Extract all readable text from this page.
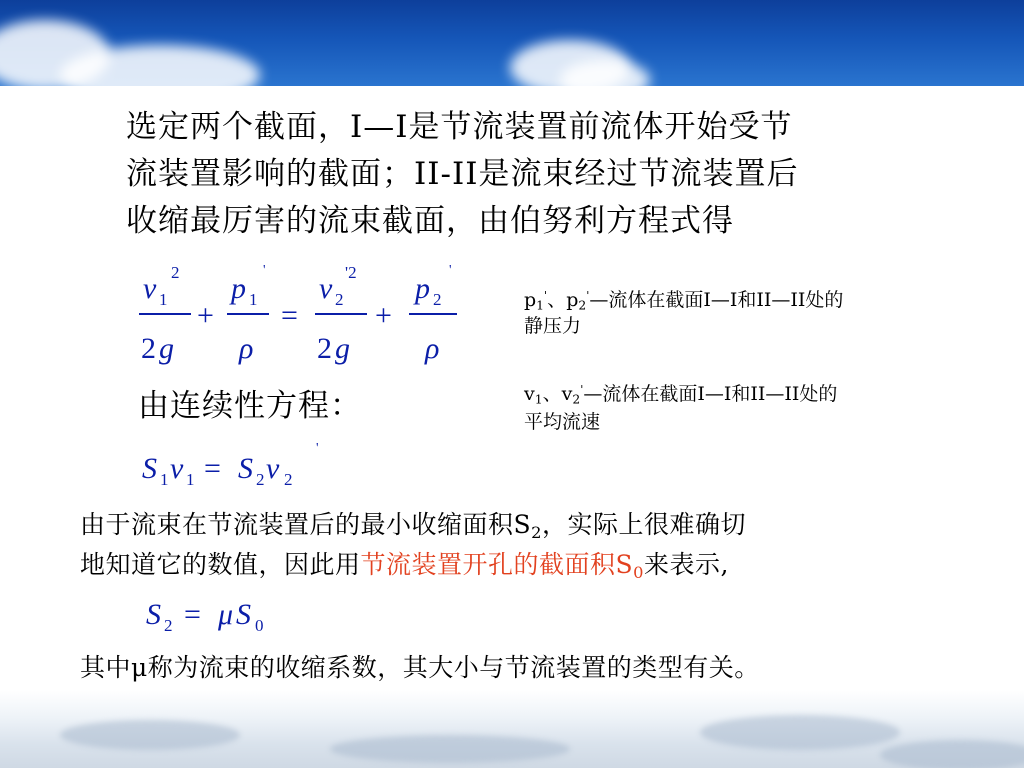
选定两个截面，I—I是节流装置前流体开始受节
流装置影响的截面；II-II是流束经过节流装置后
收缩最厉害的流束截面，由伯努利方程式得
v 1
2
2 g
+
p 1
'
ρ
=
v 2
'2
2 g
+
p 2
'
ρ
$p_1'$、$p_2'—$流体在截面I—I和II—II处的
静压力
由连续性方程：	$v_1$、$v_2'—$流体在截面I—I和II—II处的
平均流速
S 1 v 1 = S 2 v 2
'
由于流束在节流装置后的最小收缩面积$S_2$，实际上很难确切
地知道它的数值，因此用节流装置开孔的截面积$S_0$来表示,
S 2 = μ S 0
其中μ称为流束的收缩系数，其大小与节流装置的类型有关。
